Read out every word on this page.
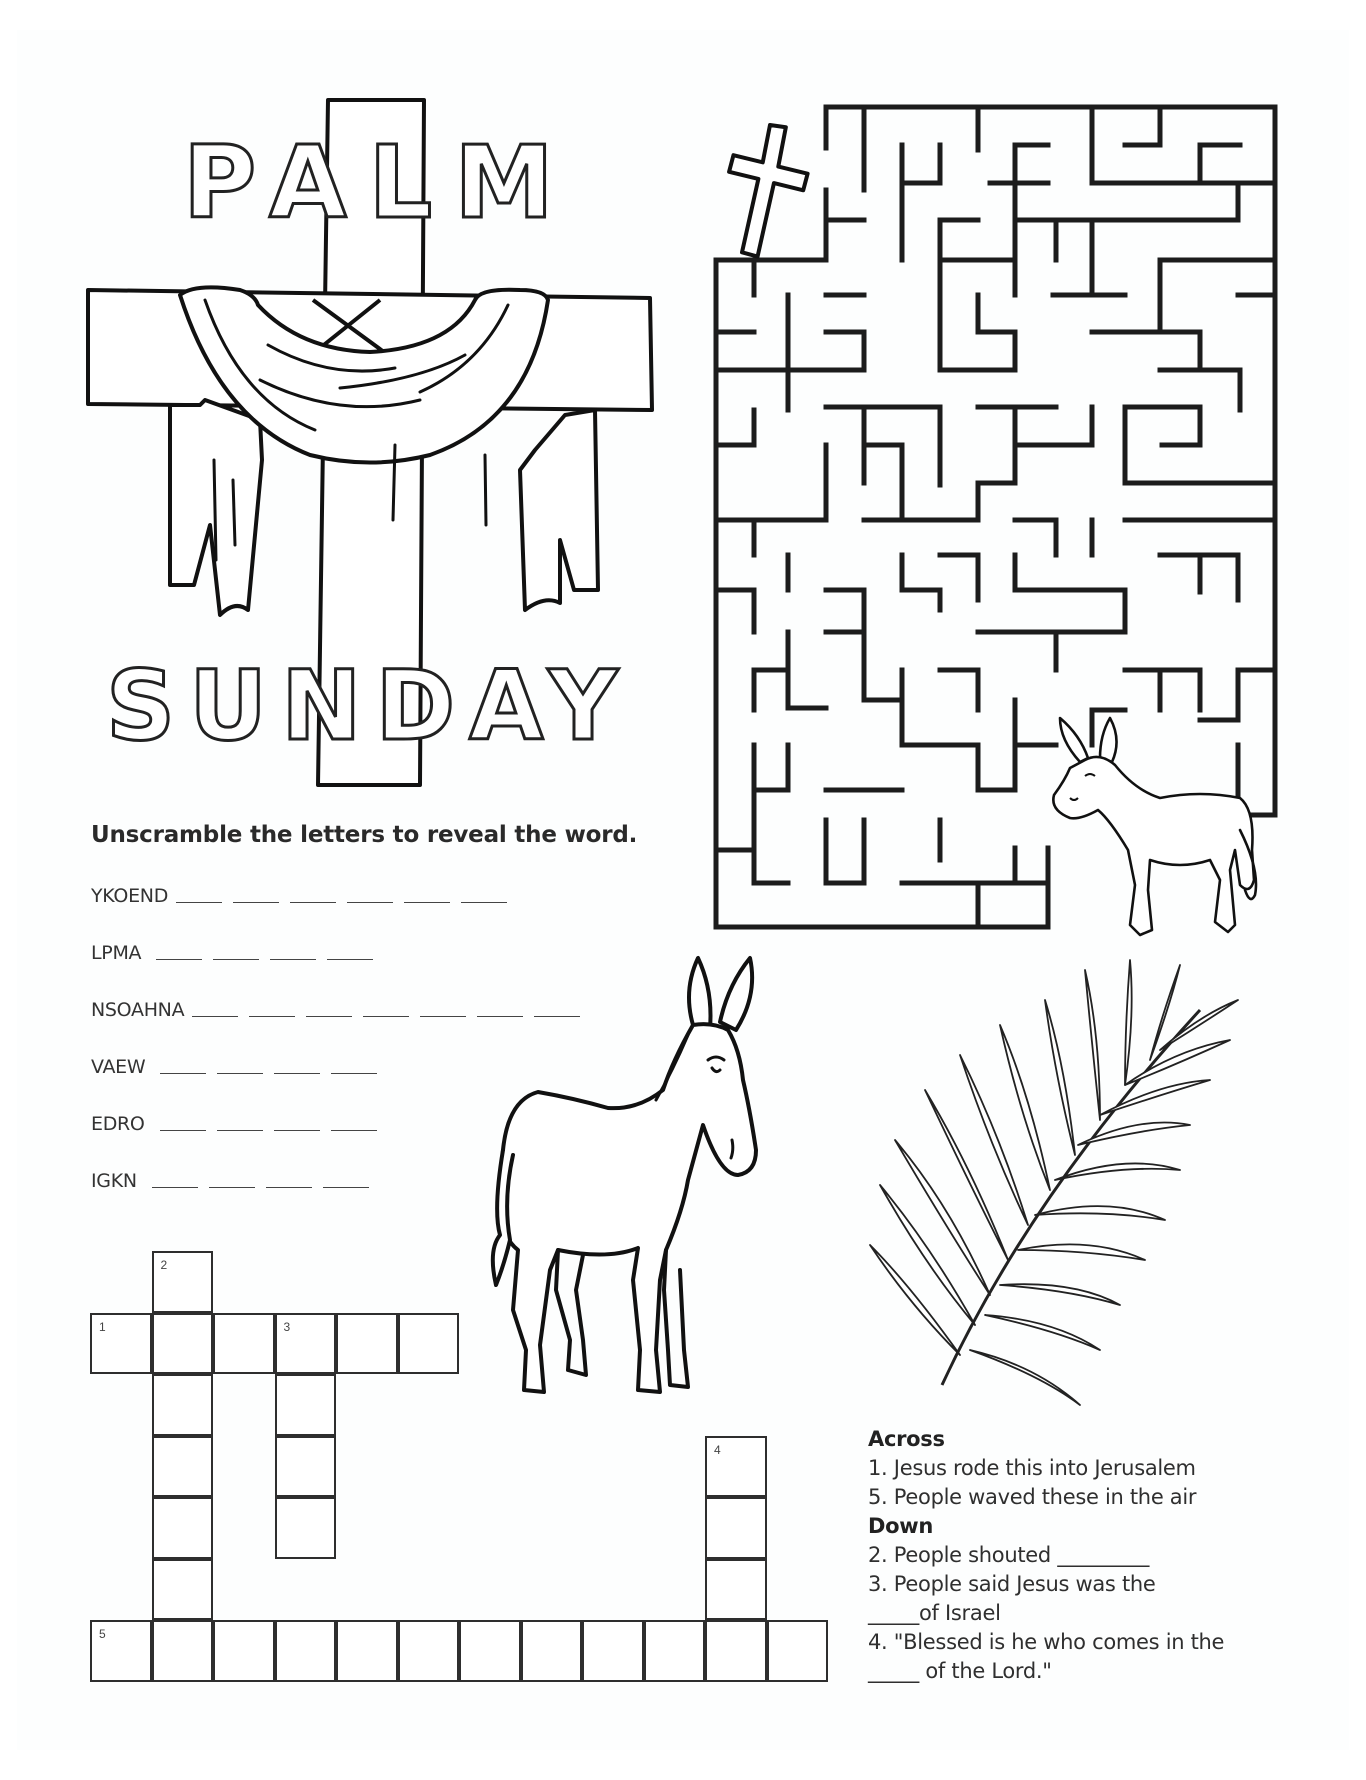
PALM
SUNDAY
Unscramble the letters to reveal the word.
YKOEND
LPMA
NSOAHNA
VAEW
EDRO
IGKN
2
1	3
4
5
Across
1. Jesus rode this into Jerusalem
5. People waved these in the air
Down
2. People shouted _________
3. People said Jesus was the
_____of Israel
4. "Blessed is he who comes in the
_____ of the Lord."
